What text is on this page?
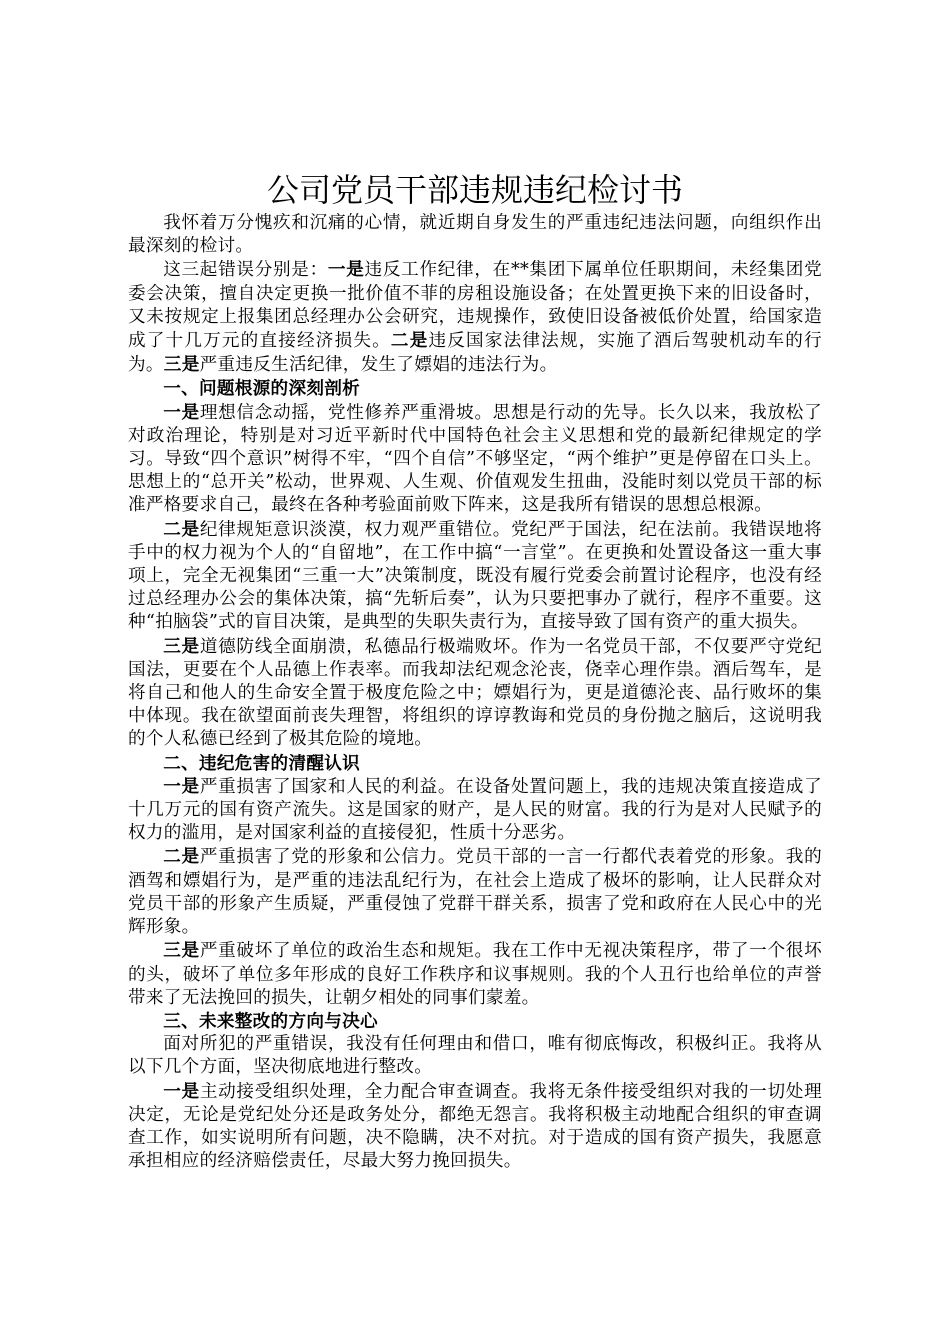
公司党员干部违规违纪检讨书

我怀着万分愧疚和沉痛的心情，就近期自身发生的严重违纪违法问题，向组织作出最深刻的检讨。

这三起错误分别是：一是违反工作纪律，在**集团下属单位任职期间，未经集团党委会决策，擅自决定更换一批价值不菲的房租设施设备；在处置更换下来的旧设备时，又未按规定上报集团总经理办公会研究，违规操作，致使旧设备被低价处置，给国家造成了十几万元的直接经济损失。二是违反国家法律法规，实施了酒后驾驶机动车的行为。三是严重违反生活纪律，发生了嫖娼的违法行为。

一、问题根源的深刻剖析

一是理想信念动摇，党性修养严重滑坡。思想是行动的先导。长久以来，我放松了对政治理论，特别是对习近平新时代中国特色社会主义思想和党的最新纪律规定的学习。导致“四个意识”树得不牢，“四个自信”不够坚定，“两个维护”更是停留在口头上。思想上的“总开关”松动，世界观、人生观、价值观发生扭曲，没能时刻以党员干部的标准严格要求自己，最终在各种考验面前败下阵来，这是我所有错误的思想总根源。

二是纪律规矩意识淡漠，权力观严重错位。党纪严于国法，纪在法前。我错误地将手中的权力视为个人的“自留地”，在工作中搞“一言堂”。在更换和处置设备这一重大事项上，完全无视集团“三重一大”决策制度，既没有履行党委会前置讨论程序，也没有经过总经理办公会的集体决策，搞“先斩后奏”，认为只要把事办了就行，程序不重要。这种“拍脑袋”式的盲目决策，是典型的失职失责行为，直接导致了国有资产的重大损失。

三是道德防线全面崩溃，私德品行极端败坏。作为一名党员干部，不仅要严守党纪国法，更要在个人品德上作表率。而我却法纪观念沦丧，侥幸心理作祟。酒后驾车，是将自己和他人的生命安全置于极度危险之中；嫖娼行为，更是道德沦丧、品行败坏的集中体现。我在欲望面前丧失理智，将组织的谆谆教诲和党员的身份抛之脑后，这说明我的个人私德已经到了极其危险的境地。

二、违纪危害的清醒认识

一是严重损害了国家和人民的利益。在设备处置问题上，我的违规决策直接造成了十几万元的国有资产流失。这是国家的财产，是人民的财富。我的行为是对人民赋予的权力的滥用，是对国家利益的直接侵犯，性质十分恶劣。

二是严重损害了党的形象和公信力。党员干部的一言一行都代表着党的形象。我的酒驾和嫖娼行为，是严重的违法乱纪行为，在社会上造成了极坏的影响，让人民群众对党员干部的形象产生质疑，严重侵蚀了党群干群关系，损害了党和政府在人民心中的光辉形象。

三是严重破坏了单位的政治生态和规矩。我在工作中无视决策程序，带了一个很坏的头，破坏了单位多年形成的良好工作秩序和议事规则。我的个人丑行也给单位的声誉带来了无法挽回的损失，让朝夕相处的同事们蒙羞。

三、未来整改的方向与决心

面对所犯的严重错误，我没有任何理由和借口，唯有彻底悔改，积极纠正。我将从以下几个方面，坚决彻底地进行整改。

一是主动接受组织处理，全力配合审查调查。我将无条件接受组织对我的一切处理决定，无论是党纪处分还是政务处分，都绝无怨言。我将积极主动地配合组织的审查调查工作，如实说明所有问题，决不隐瞒，决不对抗。对于造成的国有资产损失，我愿意承担相应的经济赔偿责任，尽最大努力挽回损失。
